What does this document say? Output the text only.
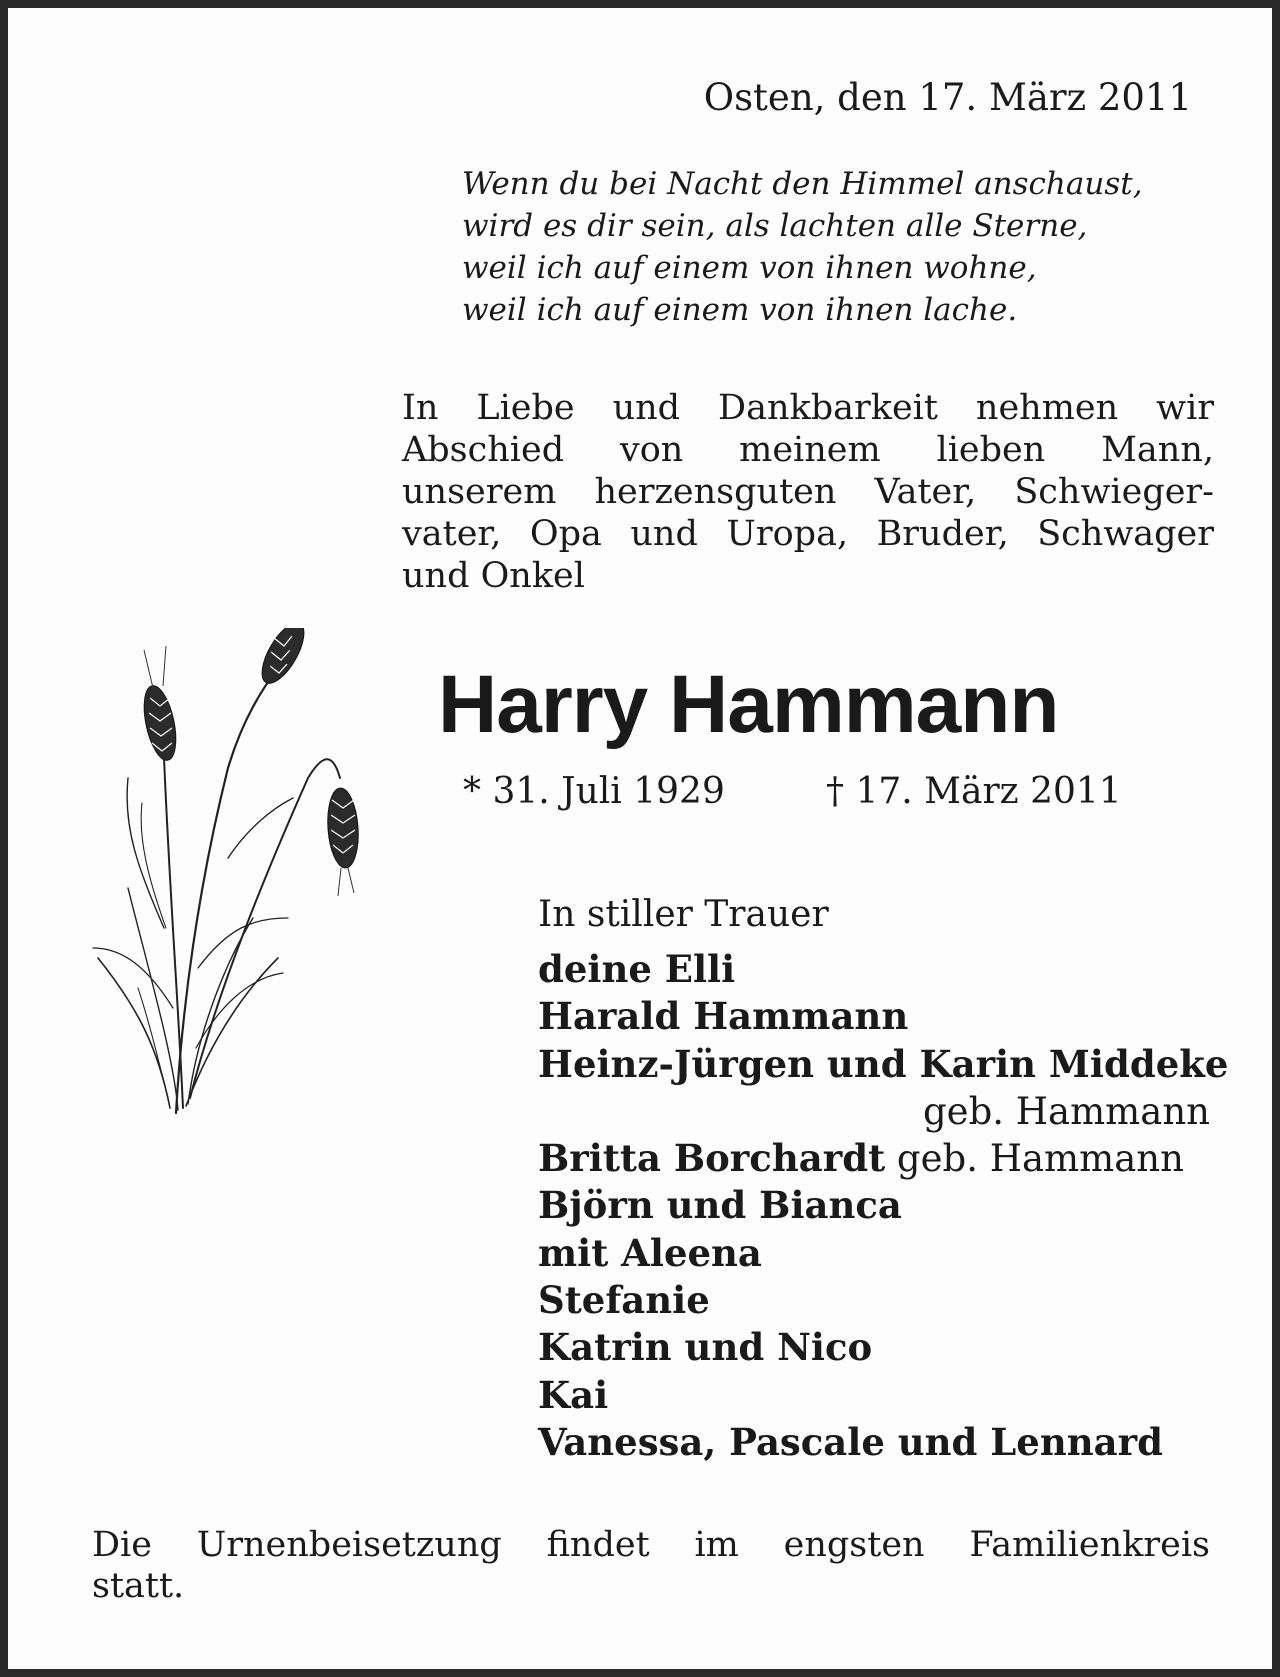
Osten, den 17. März 2011
Wenn du bei Nacht den Himmel anschaust,
wird es dir sein, als lachten alle Sterne,
weil ich auf einem von ihnen wohne,
weil ich auf einem von ihnen lache.
In Liebe und Dankbarkeit nehmen wir
Abschied von meinem lieben Mann,
unserem herzensguten Vater, Schwieger-
vater, Opa und Uropa, Bruder, Schwager
und Onkel
Harry Hammann
* 31. Juli 1929	† 17. März 2011
In stiller Trauer
deine Elli
Harald Hammann
Heinz-Jürgen und Karin Middeke
geb. Hammann
Britta Borchardt geb. Hammann
Björn und Bianca
mit Aleena
Stefanie
Katrin und Nico
Kai
Vanessa, Pascale und Lennard
Die Urnenbeisetzung findet im engsten Familienkreis
statt.
